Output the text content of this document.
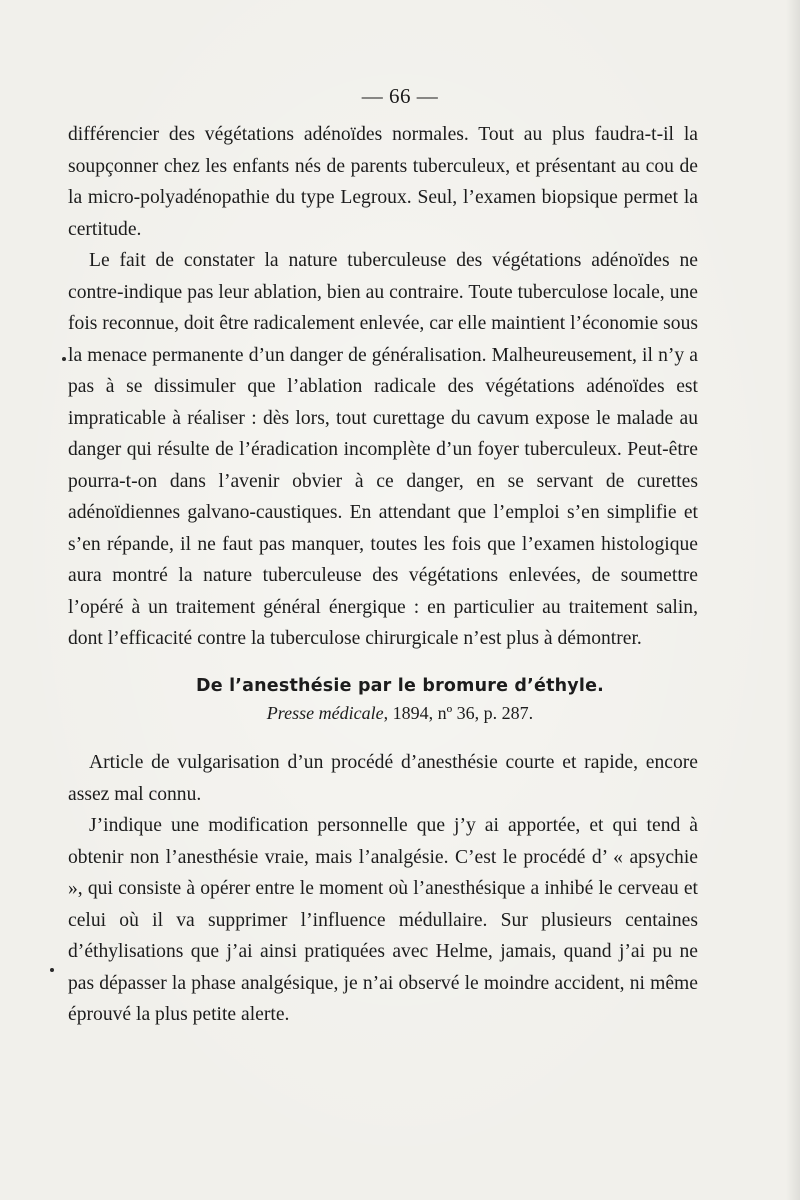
— 66 —

différencier des végétations adénoïdes normales. Tout au plus faudra-t-il la soupçonner chez les enfants nés de parents tuberculeux, et présentant au cou de la micro-polyadénopathie du type Legroux. Seul, l’examen biopsique permet la certitude.

Le fait de constater la nature tuberculeuse des végétations adénoïdes ne contre-indique pas leur ablation, bien au contraire. Toute tuberculose locale, une fois reconnue, doit être radicalement enlevée, car elle maintient l’économie sous la menace permanente d’un danger de généralisation. Malheureusement, il n’y a pas à se dissimuler que l’ablation radicale des végétations adénoïdes est impraticable à réaliser : dès lors, tout curettage du cavum expose le malade au danger qui résulte de l’éradication incomplète d’un foyer tuberculeux. Peut-être pourra-t-on dans l’avenir obvier à ce danger, en se servant de curettes adénoïdiennes galvano-caustiques. En attendant que l’emploi s’en simplifie et s’en répande, il ne faut pas manquer, toutes les fois que l’examen histologique aura montré la nature tuberculeuse des végétations enlevées, de soumettre l’opéré à un traitement général énergique : en particulier au traitement salin, dont l’efficacité contre la tuberculose chirurgicale n’est plus à démontrer.

De l’anesthésie par le bromure d’éthyle.
Presse médicale, 1894, nº 36, p. 287.

Article de vulgarisation d’un procédé d’anesthésie courte et rapide, encore assez mal connu.

J’indique une modification personnelle que j’y ai apportée, et qui tend à obtenir non l’anesthésie vraie, mais l’analgésie. C’est le procédé d’ « apsychie », qui consiste à opérer entre le moment où l’anesthésique a inhibé le cerveau et celui où il va supprimer l’influence médullaire. Sur plusieurs centaines d’éthylisations que j’ai ainsi pratiquées avec Helme, jamais, quand j’ai pu ne pas dépasser la phase analgésique, je n’ai observé le moindre accident, ni même éprouvé la plus petite alerte.
